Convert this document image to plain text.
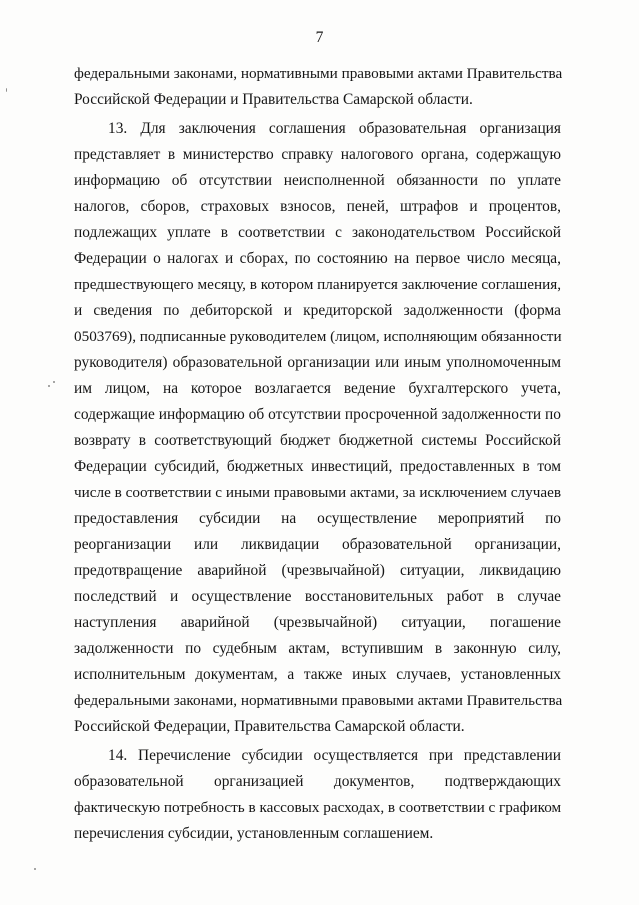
7
федеральными законами, нормативными правовыми актами Правительства
Российской Федерации и Правительства Самарской области.
13. Для заключения соглашения образовательная организация
представляет в министерство справку налогового органа, содержащую
информацию об отсутствии неисполненной обязанности по уплате
налогов, сборов, страховых взносов, пеней, штрафов и процентов,
подлежащих уплате в соответствии с законодательством Российской
Федерации о налогах и сборах, по состоянию на первое число месяца,
предшествующего месяцу, в котором планируется заключение соглашения,
и сведения по дебиторской и кредиторской задолженности (форма
0503769), подписанные руководителем (лицом, исполняющим обязанности
руководителя) образовательной организации или иным уполномоченным
им лицом, на которое возлагается ведение бухгалтерского учета,
содержащие информацию об отсутствии просроченной задолженности по
возврату в соответствующий бюджет бюджетной системы Российской
Федерации субсидий, бюджетных инвестиций, предоставленных в том
числе в соответствии с иными правовыми актами, за исключением случаев
предоставления субсидии на осуществление мероприятий по
реорганизации или ликвидации образовательной организации,
предотвращение аварийной (чрезвычайной) ситуации, ликвидацию
последствий и осуществление восстановительных работ в случае
наступления аварийной (чрезвычайной) ситуации, погашение
задолженности по судебным актам, вступившим в законную силу,
исполнительным документам, а также иных случаев, установленных
федеральными законами, нормативными правовыми актами Правительства
Российской Федерации, Правительства Самарской области.
14. Перечисление субсидии осуществляется при представлении
образовательной организацией документов, подтверждающих
фактическую потребность в кассовых расходах, в соответствии с графиком
перечисления субсидии, установленным соглашением.
